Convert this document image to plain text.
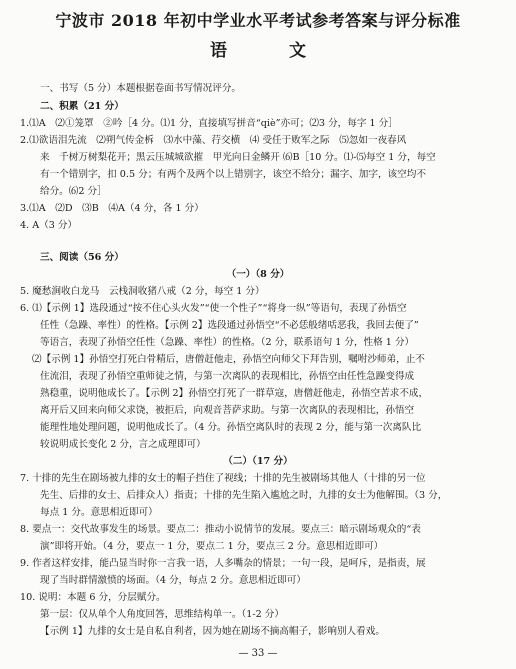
宁波市 2018 年初中学业水平考试参考答案与评分标准
语 文
一、书写（5 分）本题根据卷面书写情况评分。
二、积累（21 分）
1.⑴A　⑵①笼罩　②吟［4 分。⑴1 分，直接填写拼音“qiè”亦可；⑵3 分，每字 1 分］
2.⑴欲语泪先流　⑵朔气传金柝　⑶水中藻、荇交横　⑷ 受任于败军之际　⑸忽如一夜春风
来　千树万树梨花开；黑云压城城欲摧　甲光向日金鳞开 ⑹B［10 分。⑴-⑸每空 1 分，每空
有一个错别字，扣 0.5 分；有两个及两个以上错别字，该空不给分；漏字、加字，该空均不
给分。⑹2 分］
3.⑴A　⑵D　⑶B　⑷A（4 分，各 1 分）
4. A（3 分）
三、阅读（56 分）
（一）（8 分）
5. 魔愁涧收白龙马　云栈洞收猪八戒（2 分，每空 1 分）
6. ⑴【示例 1】选段通过“按不住心头火发”“使一个性子”“将身一纵”等语句，表现了孙悟空
任性（急躁、率性）的性格。【示例 2】选段通过孙悟空“不必恁般绪咶恶我，我回去便了”
等语言，表现了孙悟空任性（急躁、率性）的性格。（2 分，联系语句 1 分，性格 1 分）
⑵【示例 1】孙悟空打死白骨精后，唐僧赶他走，孙悟空向师父下拜告别，嘱咐沙师弟，止不
住流泪，表现了孙悟空重师徒之情，与第一次离队的表现相比，孙悟空由任性急躁变得成
熟稳重，说明他成长了。【示例 2】孙悟空打死了一群草寇，唐僧赶他走，孙悟空苦求不成，
离开后又回来向师父求饶，被拒后，向观音菩萨求助。与第一次离队的表现相比，孙悟空
能理性地处理问题，说明他成长了。（4 分。孙悟空离队时的表现 2 分，能与第一次离队比
较说明成长变化 2 分，言之成理即可）
（二）（17 分）
7. 十排的先生在剧场被九排的女士的帽子挡住了视线；十排的先生被剧场其他人（十排的另一位
先生、后排的女士、后排众人）指责；十排的先生陷入尴尬之时，九排的女士为他解围。（3 分，
每点 1 分。意思相近即可）
8. 要点一：交代故事发生的场景。要点二：推动小说情节的发展。要点三：暗示剧场观众的“表
演”即将开始。（4 分，要点一 1 分，要点二 1 分，要点三 2 分。意思相近即可）
9. 作者这样安排，能凸显当时你一言我一语，人多嘴杂的情景；一句一段，是呵斥，是指责，展
现了当时群情激愤的场面。（4 分，每点 2 分。意思相近即可）
10. 说明：本题 6 分，分层赋分。
第一层：仅从单个人角度回答，思维结构单一。（1-2 分）
【示例 1】九排的女士是自私自利者，因为她在剧场不摘高帽子，影响别人看戏。
— 33 —
